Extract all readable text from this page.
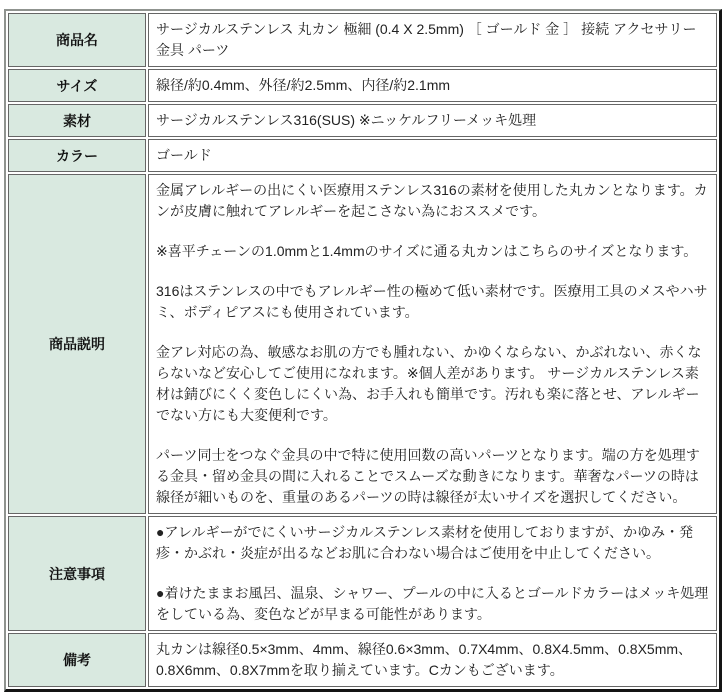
商品名	サージカルステンレス 丸カン 極細 (0.4 X 2.5mm) ［ ゴールド 金 ］ 接続 アクセサリー 金具 パーツ

サイズ	線径/約0.4mm、外径/約2.5mm、内径/約2.1mm

素材	サージカルステンレス316(SUS) ※ニッケルフリーメッキ処理

カラー	ゴールド

商品説明	金属アレルギーの出にくい医療用ステンレス316の素材を使用した丸カンとなります。カンが皮膚に触れてアレルギーを起こさない為におススメです。
※喜平チェーンの1.0mmと1.4mmのサイズに通る丸カンはこちらのサイズとなります。
316はステンレスの中でもアレルギー性の極めて低い素材です。医療用工具のメスやハサミ、ボディピアスにも使用されています。
金アレ対応の為、敏感なお肌の方でも腫れない、かゆくならない、かぶれない、赤くならないなど安心してご使用になれます。※個人差があります。 サージカルステンレス素材は錆びにくく変色しにくい為、お手入れも簡単です。汚れも楽に落とせ、アレルギーでない方にも大変便利です。
パーツ同士をつなぐ金具の中で特に使用回数の高いパーツとなります。端の方を処理する金具・留め金具の間に入れることでスムーズな動きになります。華奢なパーツの時は線径が細いものを、重量のあるパーツの時は線径が太いサイズを選択してください。

注意事項	●アレルギーがでにくいサージカルステンレス素材を使用しておりますが、かゆみ・発疹・かぶれ・炎症が出るなどお肌に合わない場合はご使用を中止してください。
●着けたままお風呂、温泉、シャワー、プールの中に入るとゴールドカラーはメッキ処理をしている為、変色などが早まる可能性があります。

備考	丸カンは線径0.5×3mm、4mm、線径0.6×3mm、0.7X4mm、0.8X4.5mm、0.8X5mm、0.8X6mm、0.8X7mmを取り揃えています。Cカンもございます。
